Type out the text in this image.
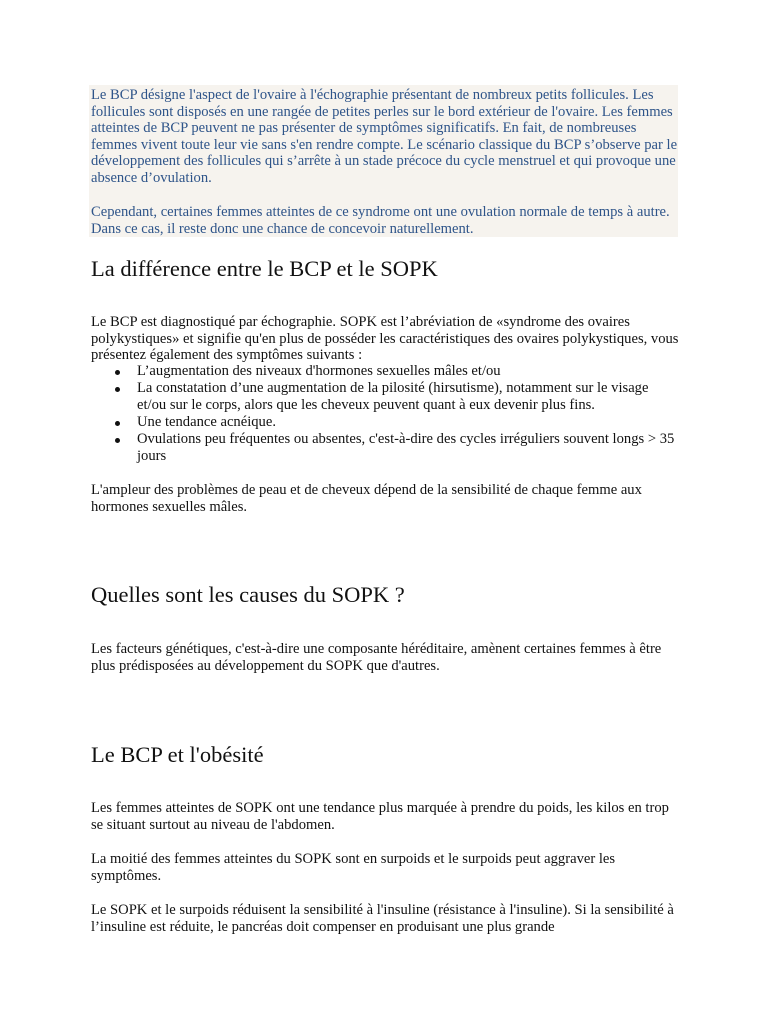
Le BCP désigne l'aspect de l'ovaire à l'échographie présentant de nombreux petits follicules. Les follicules sont disposés en une rangée de petites perles sur le bord extérieur de l'ovaire. Les femmes atteintes de BCP peuvent ne pas présenter de symptômes significatifs. En fait, de nombreuses femmes vivent toute leur vie sans s'en rendre compte. Le scénario classique du BCP s’observe par le développement des follicules qui s’arrête à un stade précoce du cycle menstruel et qui provoque une absence d’ovulation.

Cependant, certaines femmes atteintes de ce syndrome ont une ovulation normale de temps à autre. Dans ce cas, il reste donc une chance de concevoir naturellement.

La différence entre le BCP et le SOPK

Le BCP est diagnostiqué par échographie. SOPK est l’abréviation de «syndrome des ovaires polykystiques» et signifie qu'en plus de posséder les caractéristiques des ovaires polykystiques, vous présentez également des symptômes suivants :

L’augmentation des niveaux d'hormones sexuelles mâles et/ou
La constatation d’une augmentation de la pilosité (hirsutisme), notamment sur le visage et/ou sur le corps, alors que les cheveux peuvent quant à eux devenir plus fins.
Une tendance acnéique.
Ovulations peu fréquentes ou absentes, c'est-à-dire des cycles irréguliers souvent longs > 35 jours

L'ampleur des problèmes de peau et de cheveux dépend de la sensibilité de chaque femme aux hormones sexuelles mâles.

Quelles sont les causes du SOPK ?

Les facteurs génétiques, c'est-à-dire une composante héréditaire, amènent certaines femmes à être plus prédisposées au développement du SOPK que d'autres.

Le BCP et l'obésité

Les femmes atteintes de SOPK ont une tendance plus marquée à prendre du poids, les kilos en trop se situant surtout au niveau de l'abdomen.

La moitié des femmes atteintes du SOPK sont en surpoids et le surpoids peut aggraver les symptômes.

Le SOPK et le surpoids réduisent la sensibilité à l'insuline (résistance à l'insuline). Si la sensibilité à l’insuline est réduite, le pancréas doit compenser en produisant une plus grande
